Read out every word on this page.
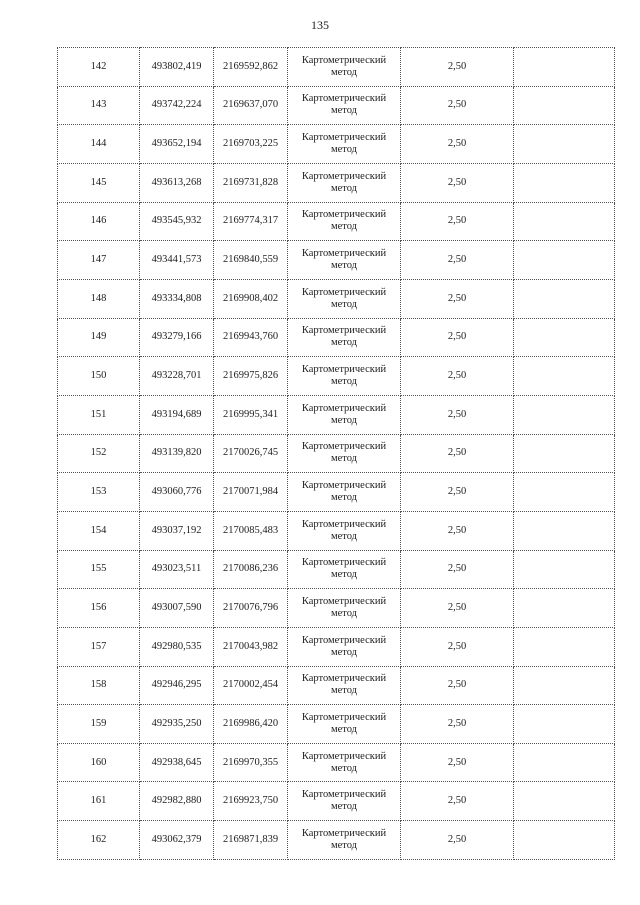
135
142	493802,419	2169592,862	Картометрический
метод	2,50	
143	493742,224	2169637,070	Картометрический
метод	2,50	
144	493652,194	2169703,225	Картометрический
метод	2,50	
145	493613,268	2169731,828	Картометрический
метод	2,50	
146	493545,932	2169774,317	Картометрический
метод	2,50	
147	493441,573	2169840,559	Картометрический
метод	2,50	
148	493334,808	2169908,402	Картометрический
метод	2,50	
149	493279,166	2169943,760	Картометрический
метод	2,50	
150	493228,701	2169975,826	Картометрический
метод	2,50	
151	493194,689	2169995,341	Картометрический
метод	2,50	
152	493139,820	2170026,745	Картометрический
метод	2,50	
153	493060,776	2170071,984	Картометрический
метод	2,50	
154	493037,192	2170085,483	Картометрический
метод	2,50	
155	493023,511	2170086,236	Картометрический
метод	2,50	
156	493007,590	2170076,796	Картометрический
метод	2,50	
157	492980,535	2170043,982	Картометрический
метод	2,50	
158	492946,295	2170002,454	Картометрический
метод	2,50	
159	492935,250	2169986,420	Картометрический
метод	2,50	
160	492938,645	2169970,355	Картометрический
метод	2,50	
161	492982,880	2169923,750	Картометрический
метод	2,50	
162	493062,379	2169871,839	Картометрический
метод	2,50	
